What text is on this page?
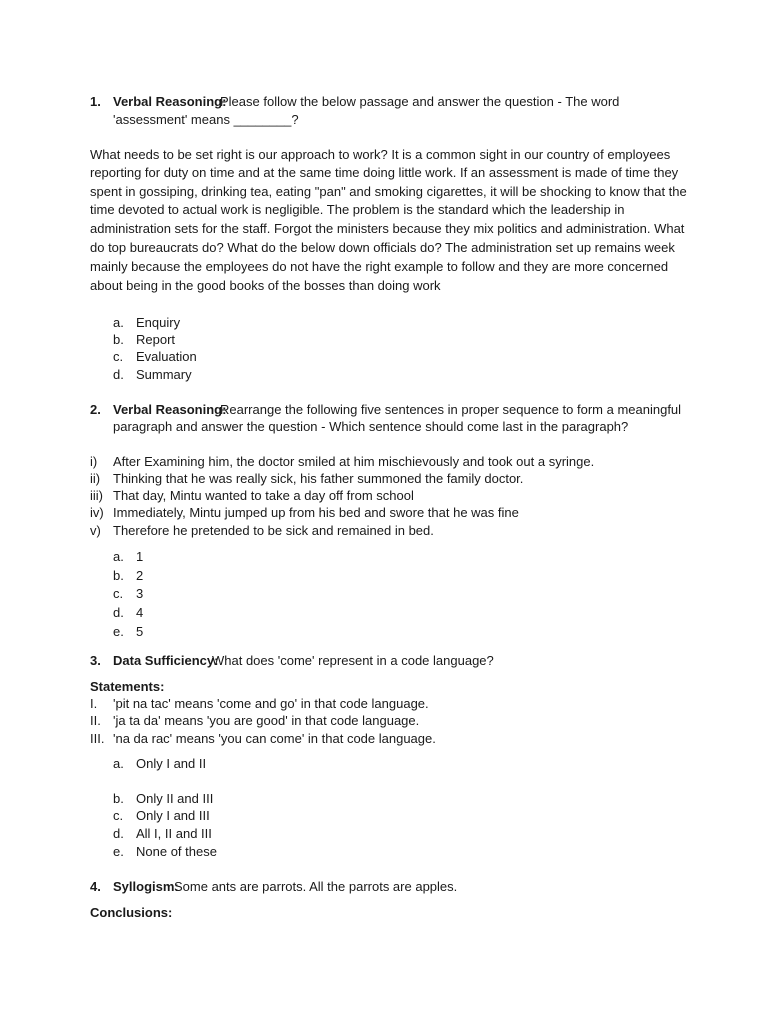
1. Verbal Reasoning:
Please follow the below passage and answer the question - The word
'assessment' means ________?
What needs to be set right is our approach to work? It is a common sight in our country of employees
reporting for duty on time and at the same time doing little work. If an assessment is made of time they
spent in gossiping, drinking tea, eating "pan" and smoking cigarettes, it will be shocking to know that the
time devoted to actual work is negligible. The problem is the standard which the leadership in
administration sets for the staff. Forgot the ministers because they mix politics and administration. What
do top bureaucrats do? What do the below down officials do? The administration set up remains week
mainly because the employees do not have the right example to follow and they are more concerned
about being in the good books of the bosses than doing work
a. Enquiry
b. Report
c. Evaluation
d. Summary
2. Verbal Reasoning:
Rearrange the following five sentences in proper sequence to form a meaningful
paragraph and answer the question - Which sentence should come last in the paragraph?
i) After Examining him, the doctor smiled at him mischievously and took out a syringe.
ii) Thinking that he was really sick, his father summoned the family doctor.
iii) That day, Mintu wanted to take a day off from school
iv) Immediately, Mintu jumped up from his bed and swore that he was fine
v) Therefore he pretended to be sick and remained in bed.
a. 1
b. 2
c. 3
d. 4
e. 5
3. Data Sufficiency:
What does 'come' represent in a code language?
Statements:
I. 'pit na tac' means 'come and go' in that code language.
II. 'ja ta da' means 'you are good' in that code language.
III. 'na da rac' means 'you can come' in that code language.
a. Only I and II
b. Only II and III
c. Only I and III
d. All I, II and III
e. None of these
4. Syllogism:
Some ants are parrots. All the parrots are apples.
Conclusions:
